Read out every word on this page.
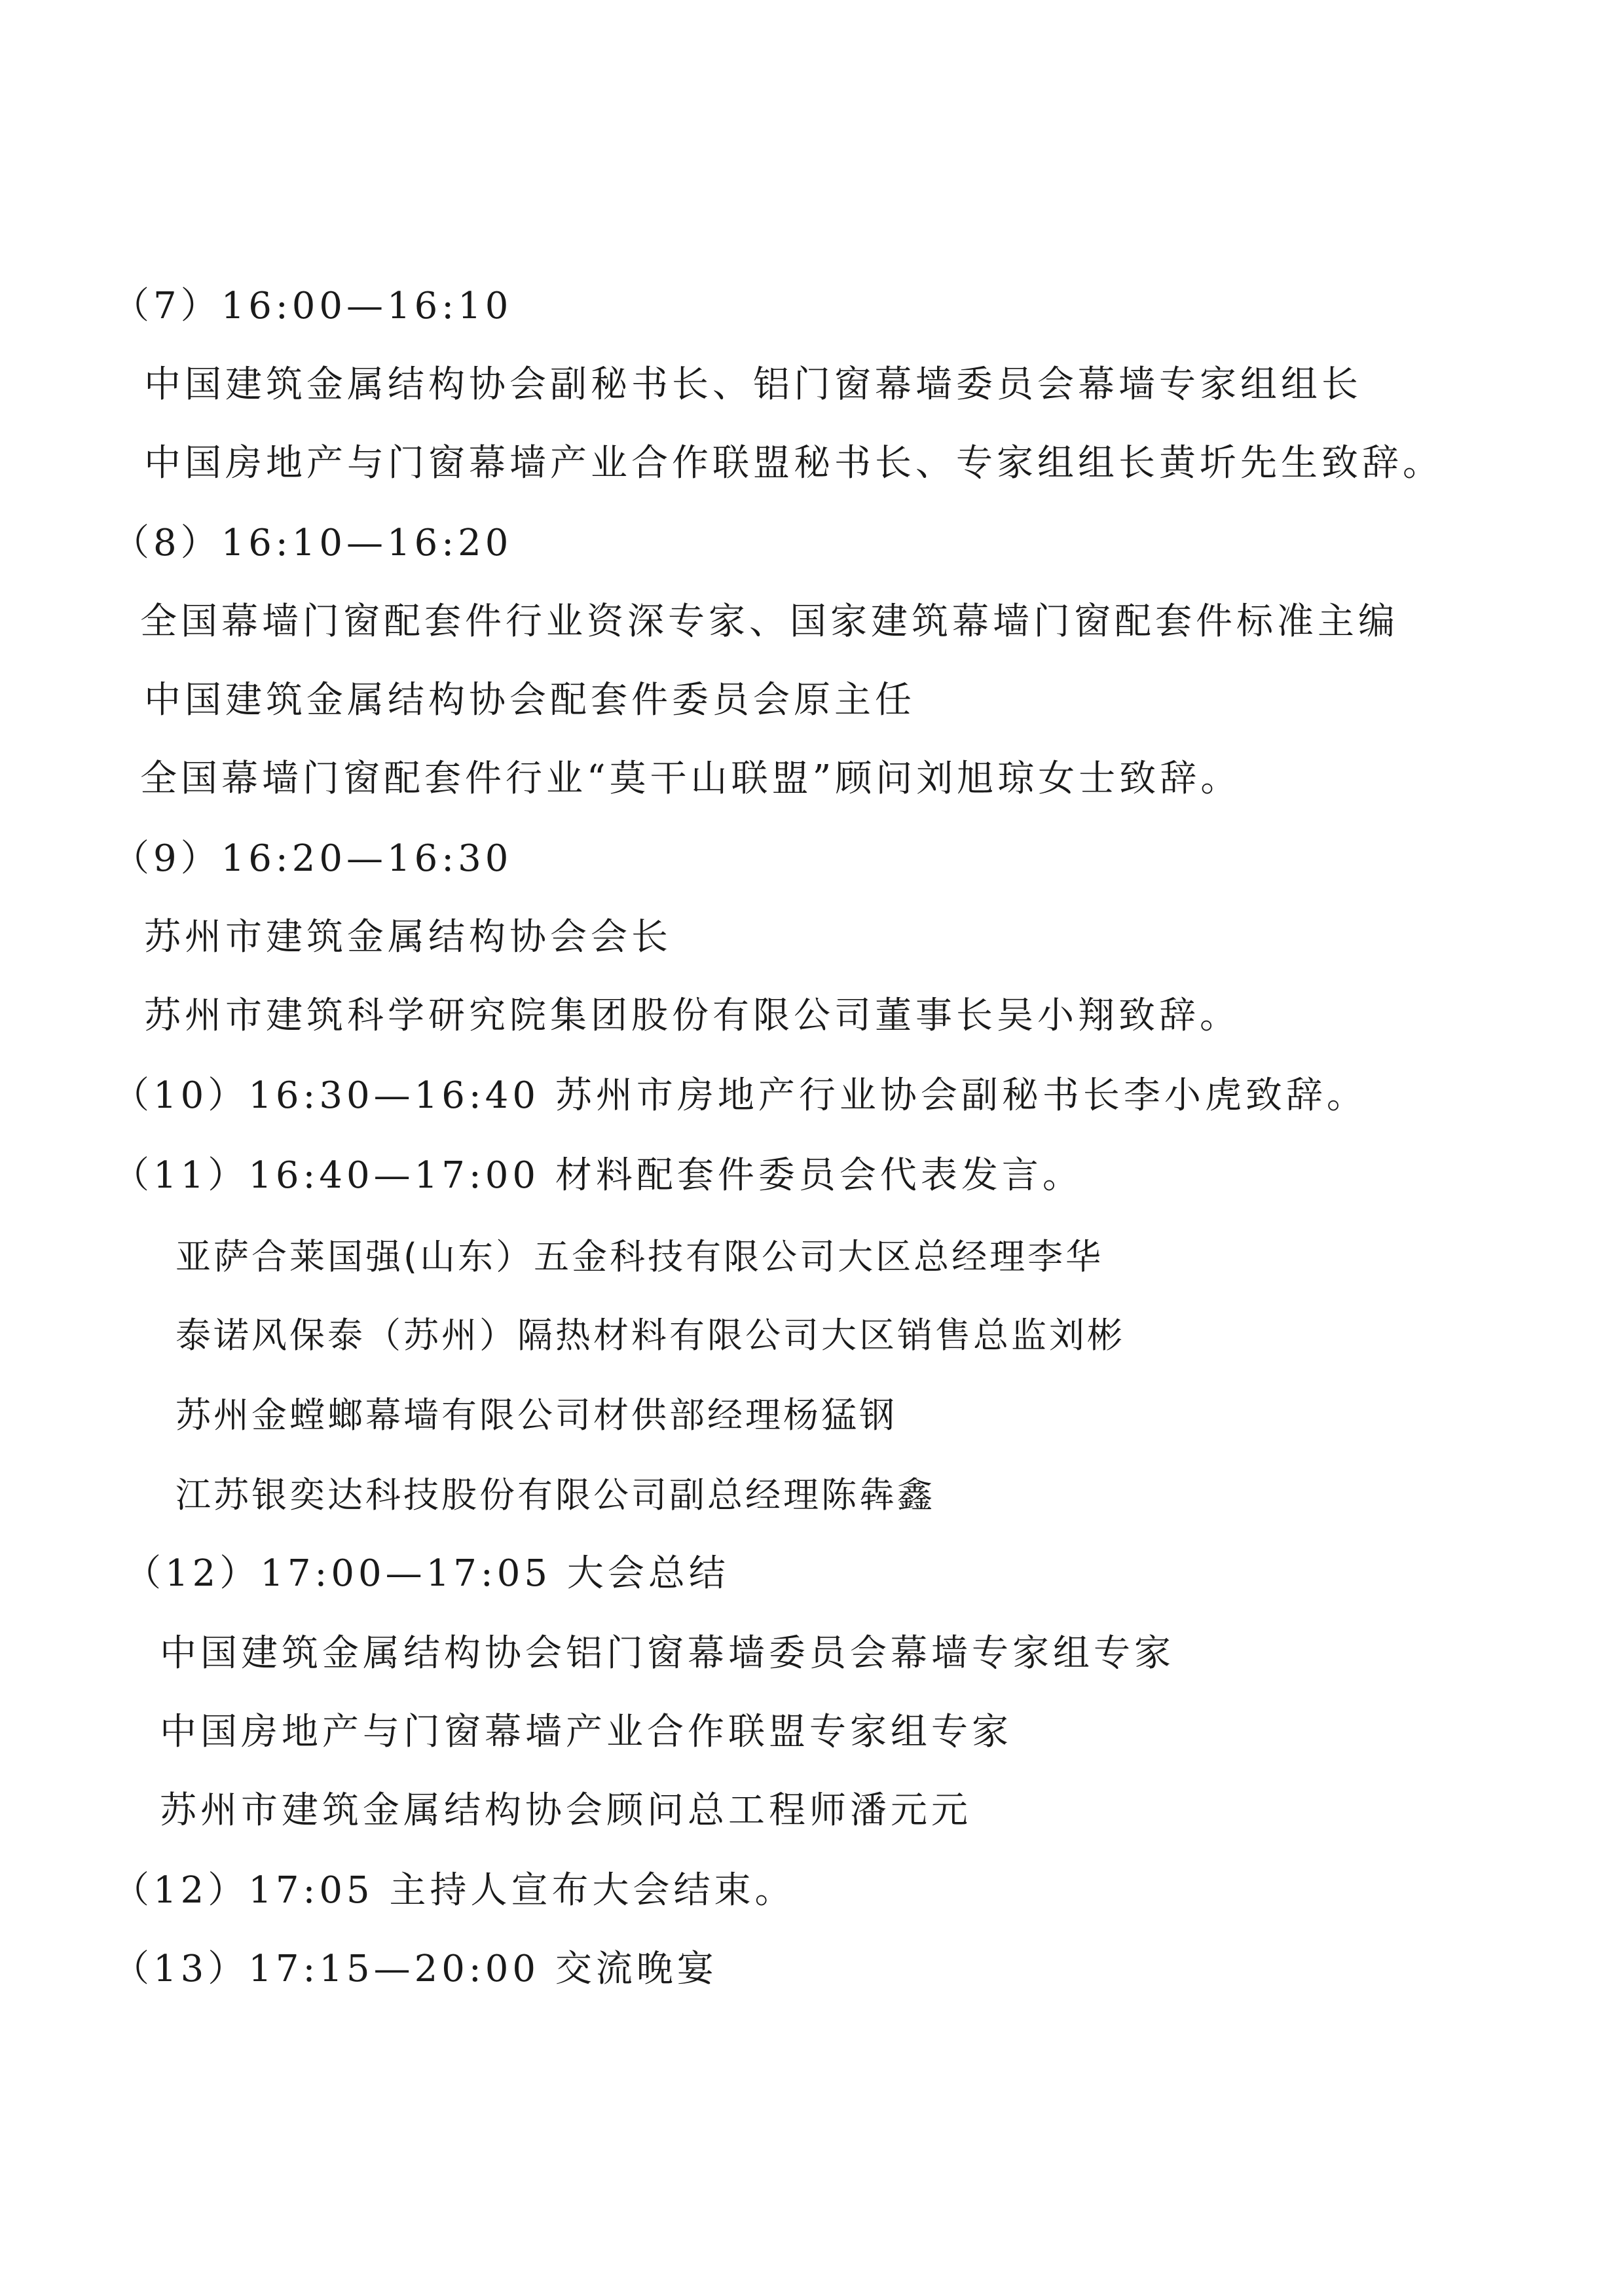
（7）16:00—16:10
中国建筑金属结构协会副秘书长、铝门窗幕墙委员会幕墙专家组组长
中国房地产与门窗幕墙产业合作联盟秘书长、专家组组长黄圻先生致辞。
（8）16:10—16:20
全国幕墙门窗配套件行业资深专家、国家建筑幕墙门窗配套件标准主编
中国建筑金属结构协会配套件委员会原主任
全国幕墙门窗配套件行业“莫干山联盟”顾问刘旭琼女士致辞。
（9）16:20—16:30
苏州市建筑金属结构协会会长
苏州市建筑科学研究院集团股份有限公司董事长吴小翔致辞。
（10）16:30—16:40 苏州市房地产行业协会副秘书长李小虎致辞。
（11）16:40—17:00 材料配套件委员会代表发言。
亚萨合莱国强(山东）五金科技有限公司大区总经理李华
泰诺风保泰（苏州）隔热材料有限公司大区销售总监刘彬
苏州金螳螂幕墙有限公司材供部经理杨猛钢
江苏银奕达科技股份有限公司副总经理陈犇鑫
（12）17:00—17:05 大会总结
中国建筑金属结构协会铝门窗幕墙委员会幕墙专家组专家
中国房地产与门窗幕墙产业合作联盟专家组专家
苏州市建筑金属结构协会顾问总工程师潘元元
（12）17:05 主持人宣布大会结束。
（13）17:15—20:00 交流晚宴
